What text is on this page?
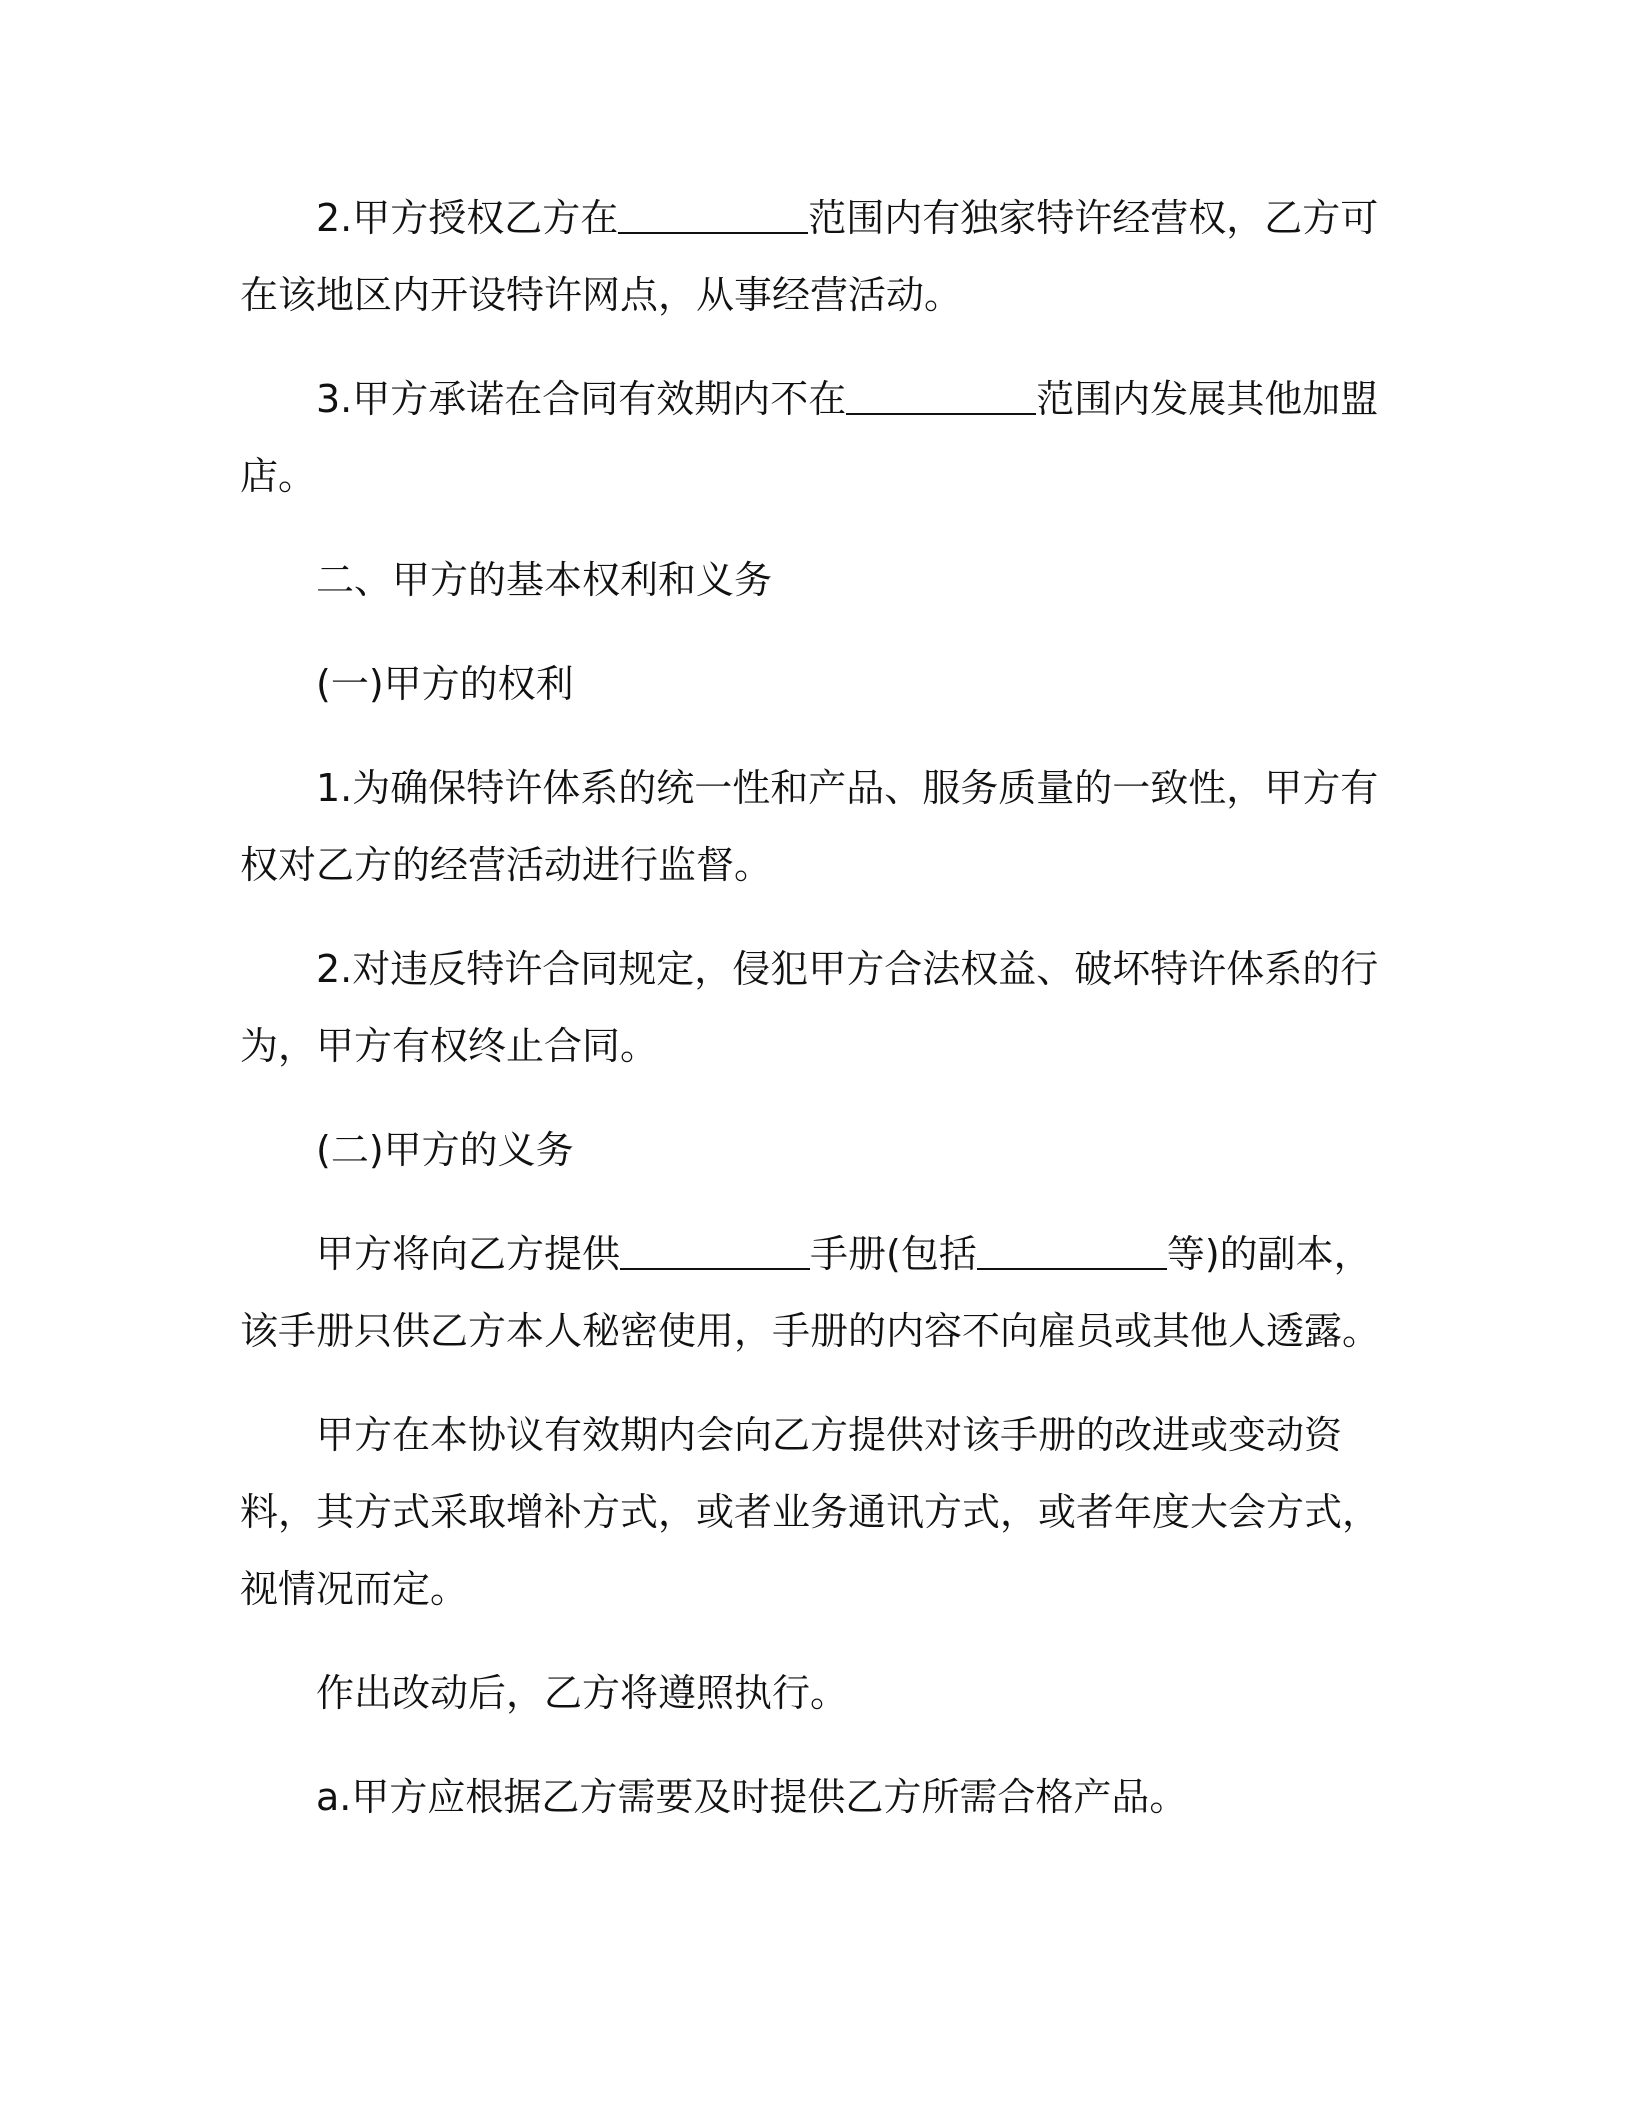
2.甲方授权乙方在	范围内有独家特许经营权，乙方可在该地区内开设特许网点，从事经营活动。

3.甲方承诺在合同有效期内不在	范围内发展其他加盟店。

二、甲方的基本权利和义务

(一)甲方的权利

1.为确保特许体系的统一性和产品、服务质量的一致性，甲方有权对乙方的经营活动进行监督。

2.对违反特许合同规定，侵犯甲方合法权益、破坏特许体系的行为，甲方有权终止合同。

(二)甲方的义务

甲方将向乙方提供	手册(包括	等)的副本，该手册只供乙方本人秘密使用，手册的内容不向雇员或其他人透露。

甲方在本协议有效期内会向乙方提供对该手册的改进或变动资料，其方式采取增补方式，或者业务通讯方式，或者年度大会方式，视情况而定。

作出改动后，乙方将遵照执行。

a.甲方应根据乙方需要及时提供乙方所需合格产品。
